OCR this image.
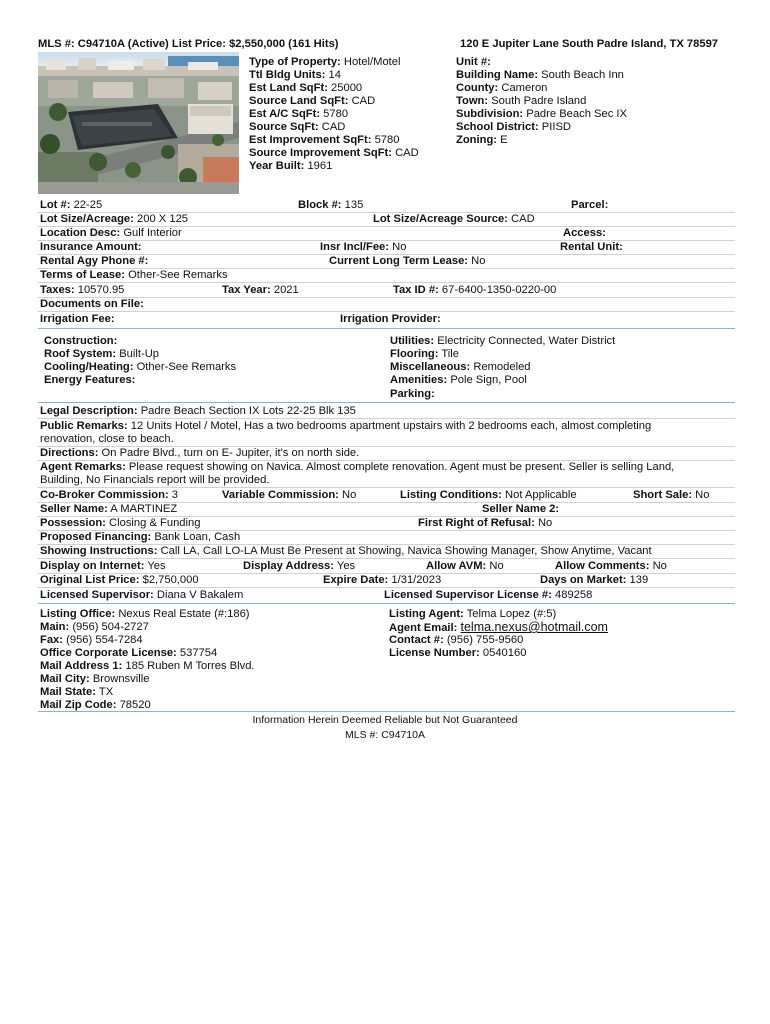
MLS #: C94710A (Active) List Price: $2,550,000 (161 Hits)	120 E Jupiter Lane South Padre Island, TX 78597
Type of Property: Hotel/Motel
Ttl Bldg Units: 14
Est Land SqFt: 25000
Source Land SqFt: CAD
Est A/C SqFt: 5780
Source SqFt: CAD
Est Improvement SqFt: 5780
Source Improvement SqFt: CAD
Year Built: 1961
Unit #:
Building Name: South Beach Inn
County: Cameron
Town: South Padre Island
Subdivision: Padre Beach Sec IX
School District: PIISD
Zoning: E
Lot #: 22-25	Block #: 135	Parcel:
Lot Size/Acreage: 200 X 125	Lot Size/Acreage Source: CAD
Location Desc: Gulf Interior	Access:
Insurance Amount:	Insr Incl/Fee: No	Rental Unit:
Rental Agy Phone #:	Current Long Term Lease: No
Terms of Lease: Other-See Remarks
Taxes: 10570.95	Tax Year: 2021	Tax ID #: 67-6400-1350-0220-00
Documents on File:
Irrigation Fee:	Irrigation Provider:
Construction:
Roof System: Built-Up
Cooling/Heating: Other-See Remarks
Energy Features:
Utilities: Electricity Connected, Water District
Flooring: Tile
Miscellaneous: Remodeled
Amenities: Pole Sign, Pool
Parking:
Legal Description: Padre Beach Section IX Lots 22-25 Blk 135
Public Remarks: 12 Units Hotel / Motel, Has a two bedrooms apartment upstairs with 2 bedrooms each, almost completing
renovation, close to beach.
Directions: On Padre Blvd., turn on E- Jupiter, it's on north side.
Agent Remarks: Please request showing on Navica. Almost complete renovation. Agent must be present. Seller is selling Land,
Building, No Financials report will be provided.
Co-Broker Commission: 3	Variable Commission: No	Listing Conditions: Not Applicable	Short Sale: No
Seller Name: A MARTINEZ	Seller Name 2:
Possession: Closing & Funding	First Right of Refusal: No
Proposed Financing: Bank Loan, Cash
Showing Instructions: Call LA, Call LO-LA Must Be Present at Showing, Navica Showing Manager, Show Anytime, Vacant
Display on Internet: Yes	Display Address: Yes	Allow AVM: No	Allow Comments: No
Original List Price: $2,750,000	Expire Date: 1/31/2023	Days on Market: 139
Licensed Supervisor: Diana V Bakalem	Licensed Supervisor License #: 489258
Listing Office: Nexus Real Estate (#:186)
Main: (956) 504-2727
Fax: (956) 554-7284
Office Corporate License: 537754
Mail Address 1: 185 Ruben M Torres Blvd.
Mail City: Brownsville
Mail State: TX
Mail Zip Code: 78520
Listing Agent: Telma Lopez (#:5)
Agent Email: telma.nexus@hotmail.com
Contact #: (956) 755-9560
License Number: 0540160
Information Herein Deemed Reliable but Not Guaranteed
MLS #: C94710A
